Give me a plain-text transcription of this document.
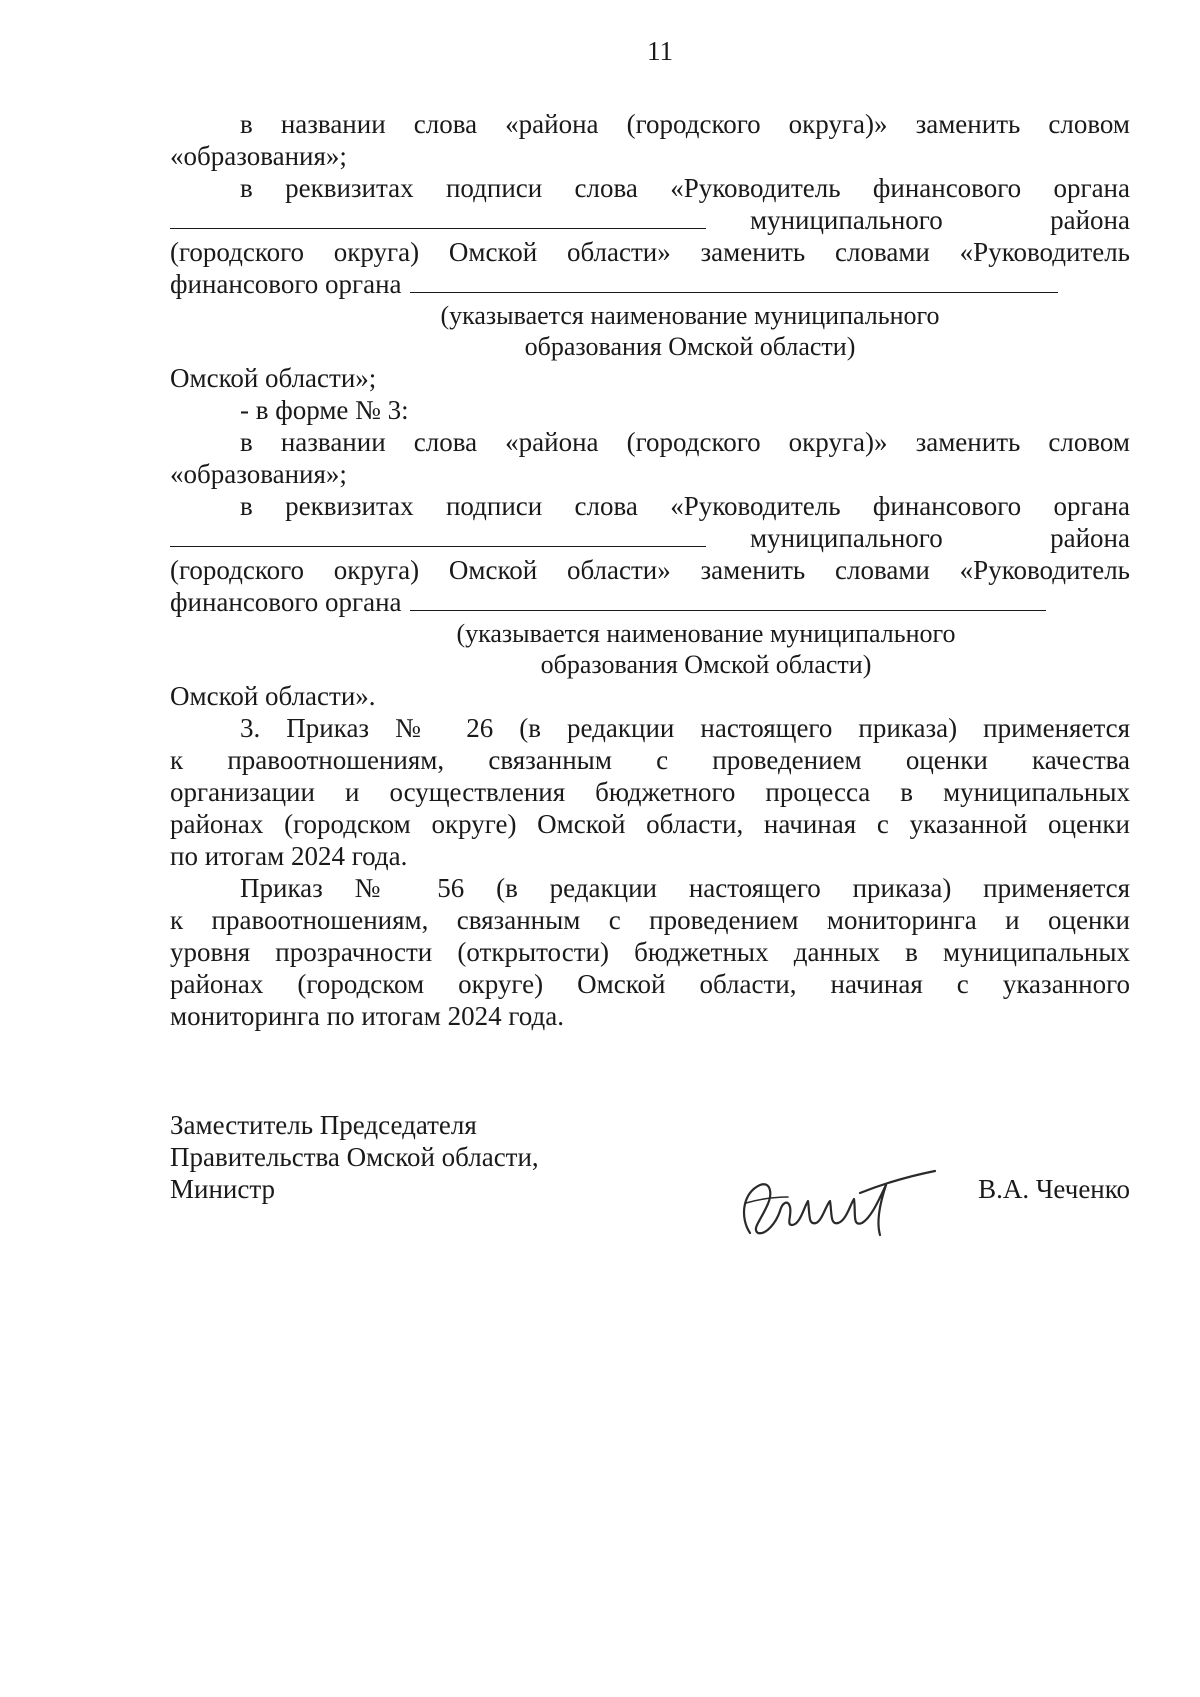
11

в названии слова «района (городского округа)» заменить словом

«образования»;

в реквизитах подписи слова «Руководитель финансового органа

муниципального	района

(городского округа) Омской области» заменить словами «Руководитель

финансового органа

(указывается наименование муниципального

образования Омской области)

Омской области»;

- в форме № 3:

в названии слова «района (городского округа)» заменить словом

«образования»;

в реквизитах подписи слова «Руководитель финансового органа

муниципального	района

(городского округа) Омской области» заменить словами «Руководитель

финансового органа

(указывается наименование муниципального

образования Омской области)

Омской области».

3. Приказ № 26 (в редакции настоящего приказа) применяется

к правоотношениям, связанным с проведением оценки качества

организации и осуществления бюджетного процесса в муниципальных

районах (городском округе) Омской области, начиная с указанной оценки

по итогам 2024 года.

Приказ № 56 (в редакции настоящего приказа) применяется

к правоотношениям, связанным с проведением мониторинга и оценки

уровня прозрачности (открытости) бюджетных данных в муниципальных

районах (городском округе) Омской области, начиная с указанного

мониторинга по итогам 2024 года.

Заместитель Председателя

Правительства Омской области,

Министр	В.А. Чеченко
